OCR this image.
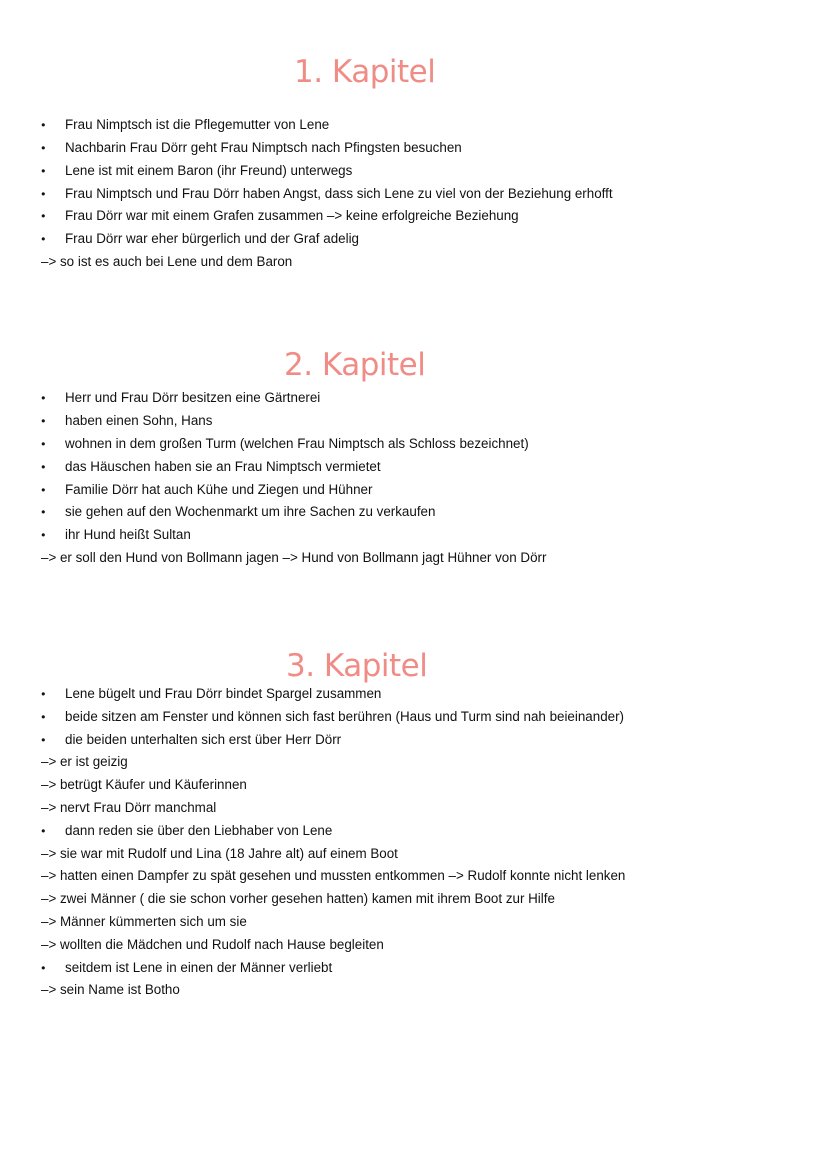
1. Kapitel
● Frau Nimptsch ist die Pflegemutter von Lene
● Nachbarin Frau Dörr geht Frau Nimptsch nach Pfingsten besuchen
● Lene ist mit einem Baron (ihr Freund) unterwegs
● Frau Nimptsch und Frau Dörr haben Angst, dass sich Lene zu viel von der Beziehung erhofft
● Frau Dörr war mit einem Grafen zusammen –> keine erfolgreiche Beziehung
● Frau Dörr war eher bürgerlich und der Graf adelig
–> so ist es auch bei Lene und dem Baron
2. Kapitel
● Herr und Frau Dörr besitzen eine Gärtnerei
● haben einen Sohn, Hans
● wohnen in dem großen Turm (welchen Frau Nimptsch als Schloss bezeichnet)
● das Häuschen haben sie an Frau Nimptsch vermietet
● Familie Dörr hat auch Kühe und Ziegen und Hühner
● sie gehen auf den Wochenmarkt um ihre Sachen zu verkaufen
● ihr Hund heißt Sultan
–> er soll den Hund von Bollmann jagen –> Hund von Bollmann jagt Hühner von Dörr
3. Kapitel
● Lene bügelt und Frau Dörr bindet Spargel zusammen
● beide sitzen am Fenster und können sich fast berühren (Haus und Turm sind nah beieinander)
● die beiden unterhalten sich erst über Herr Dörr
–> er ist geizig
–> betrügt Käufer und Käuferinnen
–> nervt Frau Dörr manchmal
● dann reden sie über den Liebhaber von Lene
–> sie war mit Rudolf und Lina (18 Jahre alt) auf einem Boot
–> hatten einen Dampfer zu spät gesehen und mussten entkommen –> Rudolf konnte nicht lenken
–> zwei Männer ( die sie schon vorher gesehen hatten) kamen mit ihrem Boot zur Hilfe
–> Männer kümmerten sich um sie
–> wollten die Mädchen und Rudolf nach Hause begleiten
● seitdem ist Lene in einen der Männer verliebt
–> sein Name ist Botho
